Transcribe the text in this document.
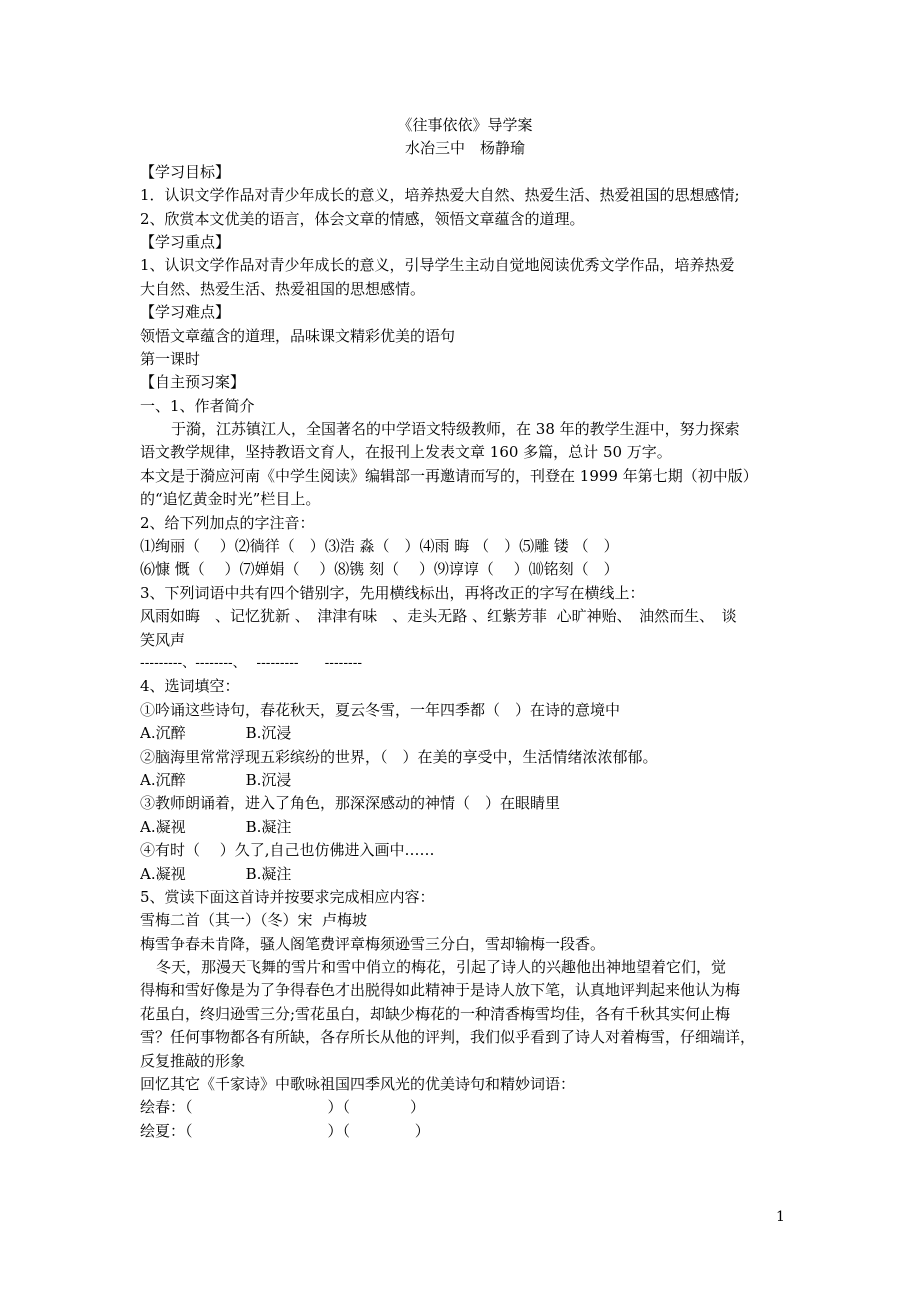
《往事依依》导学案
水冶三中　杨静瑜
【学习目标】
1．认识文学作品对青少年成长的意义，培养热爱大自然、热爱生活、热爱祖国的思想感情;
2、欣赏本文优美的语言，体会文章的情感，领悟文章蕴含的道理。
【学习重点】
1、认识文学作品对青少年成长的意义，引导学生主动自觉地阅读优秀文学作品，培养热爱
大自然、热爱生活、热爱祖国的思想感情。
【学习难点】
领悟文章蕴含的道理，品味课文精彩优美的语句
第一课时
【自主预习案】
一、1、作者简介
于漪，江苏镇江人，全国著名的中学语文特级教师，在 38 年的教学生涯中，努力探索
语文教学规律，坚持教语文育人，在报刊上发表文章 160 多篇，总计 50 万字。
本文是于漪应河南《中学生阅读》编辑部一再邀请而写的，刊登在 1999 年第七期（初中版）
的“追忆黄金时光”栏目上。
2、给下列加点的字注音：
⑴绚丽（　 ）⑵徜徉（　）⑶浩 淼（　）⑷雨 晦 （　）⑸雕 镂 （　）
⑹慷 慨（　 ）⑺婵娟（　 ）⑻镌 刻（　 ）⑼谆谆（　 ）⑽铭刻（　）
3、下列词语中共有四个错别字，先用横线标出，再将改正的字写在横线上：
风雨如晦　、记忆犹新 、　津津有味　、走头无路 、红紫芳菲  心旷神贻、　油然而生、　谈
笑风声
---------、--------、　 ---------　　--------
4、选词填空：
①吟诵这些诗句，春花秋天，夏云冬雪，一年四季都（　）在诗的意境中
A.沉醉　　　　B.沉浸
②脑海里常常浮现五彩缤纷的世界，（　）在美的享受中，生活情绪浓浓郁郁。
A.沉醉　　　　B.沉浸
③教师朗诵着，进入了角色，那深深感动的神情（　）在眼睛里
A.凝视　　　　B.凝注
④有时（　 ）久了,自己也仿佛进入画中……
A.凝视　　　　B.凝注
5、赏读下面这首诗并按要求完成相应内容：
雪梅二首（其一）（冬）宋  卢梅坡
梅雪争春未肯降，骚人阁笔费评章梅须逊雪三分白，雪却输梅一段香。
冬天，那漫天飞舞的雪片和雪中俏立的梅花，引起了诗人的兴趣他出神地望着它们，觉
得梅和雪好像是为了争得春色才出脱得如此精神于是诗人放下笔，认真地评判起来他认为梅
花虽白，终归逊雪三分;雪花虽白，却缺少梅花的一种清香梅雪均佳，各有千秋其实何止梅
雪？任何事物都各有所缺，各存所长从他的评判，我们似乎看到了诗人对着梅雪，仔细端详，
反复推敲的形象
回忆其它《千家诗》中歌咏祖国四季风光的优美诗句和精妙词语：
绘春：（　　　　　　　　　）（　　　　）
绘夏：（　　　　　　　　　）（　　　　 ）
1
